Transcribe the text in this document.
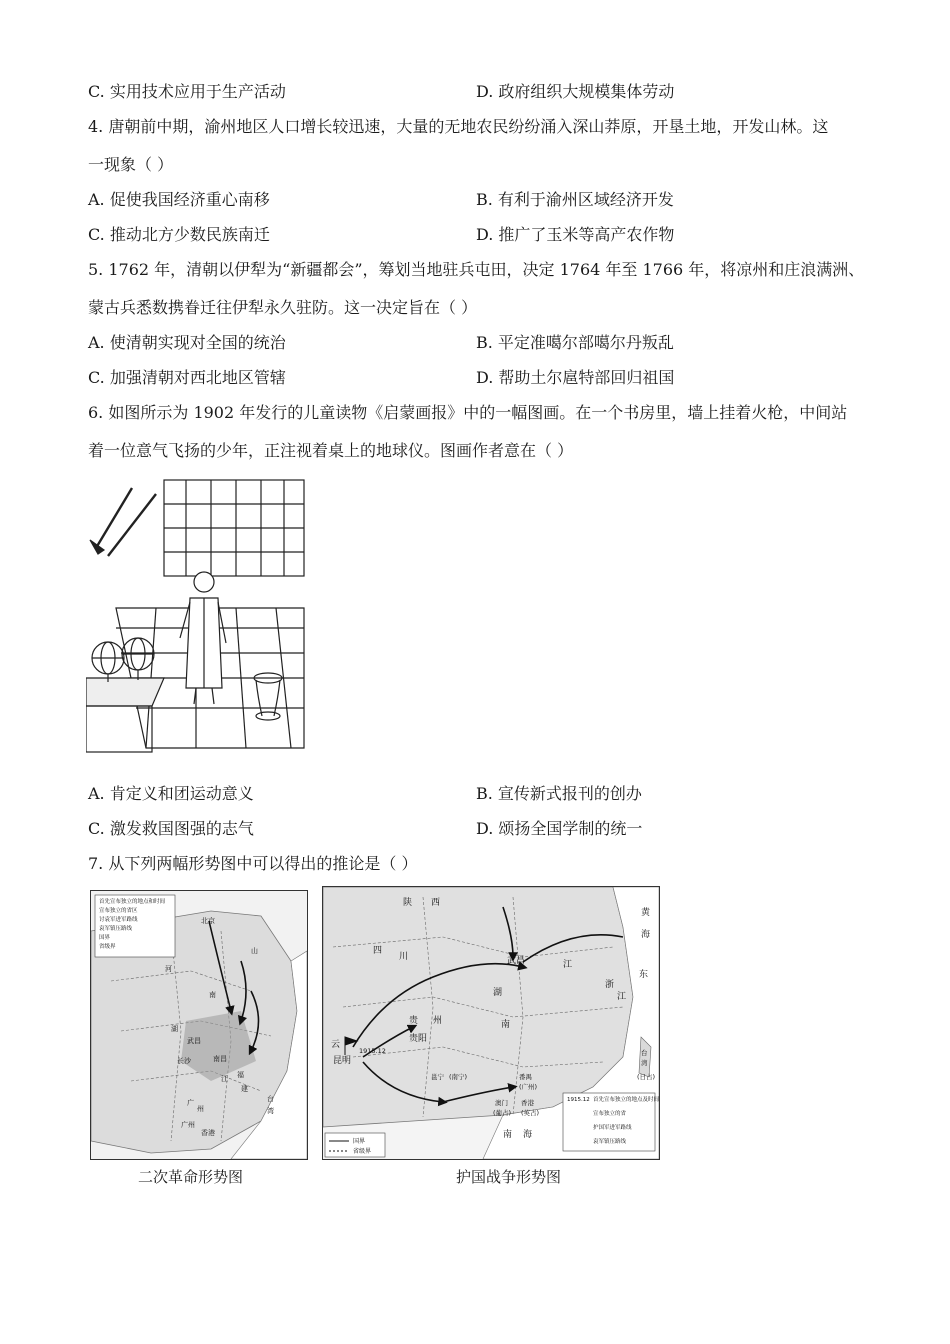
C. 实用技术应用于生产活动	D. 政府组织大规模集体劳动
4. 唐朝前中期，渝州地区人口增长较迅速，大量的无地农民纷纷涌入深山莽原，开垦土地，开发山林。这
一现象（ ）
A. 促使我国经济重心南移	B. 有利于渝州区域经济开发
C. 推动北方少数民族南迁	D. 推广了玉米等高产农作物
5. 1762 年，清朝以伊犁为“新疆都会”，筹划当地驻兵屯田，决定 1764 年至 1766 年，将凉州和庄浪满洲、
蒙古兵悉数携眷迁往伊犁永久驻防。这一决定旨在（ ）
A. 使清朝实现对全国的统治	B. 平定准噶尔部噶尔丹叛乱
C. 加强清朝对西北地区管辖	D. 帮助土尔扈特部回归祖国
6. 如图所示为 1902 年发行的儿童读物《启蒙画报》中的一幅图画。在一个书房里，墙上挂着火枪，中间站
着一位意气飞扬的少年，正注视着桌上的地球仪。图画作者意在（ ）
A. 肯定义和团运动意义	B. 宣传新式报刊的创办
C. 激发救国图强的志气	D. 颂扬全国学制的统一
7. 从下列两幅形势图中可以得出的推论是（ ）
首先宣布独立的地点和时间
宣布独立的省区
讨袁军进军路线
袁军镇压路线
国界
省级界
北京
河
山
南
湖
武昌
长沙	南昌
江 福
建
广
州	湾
台
广州
香港
1915.12 首先宣布独立的地点及时间
宣布独立的省
护国军进军路线
袁军镇压路线
国界
省级界
陕 西
四
川	武昌	江
浙
江
东
贵 州
贵阳
湖
南
云
昆明
1915.12
邕宁 (南宁)	番禺
(广州)
香港
(英占)
澳门
(葡占)
台
湾
(日占)
黄
海
南 海
二次革命形势图	护国战争形势图
